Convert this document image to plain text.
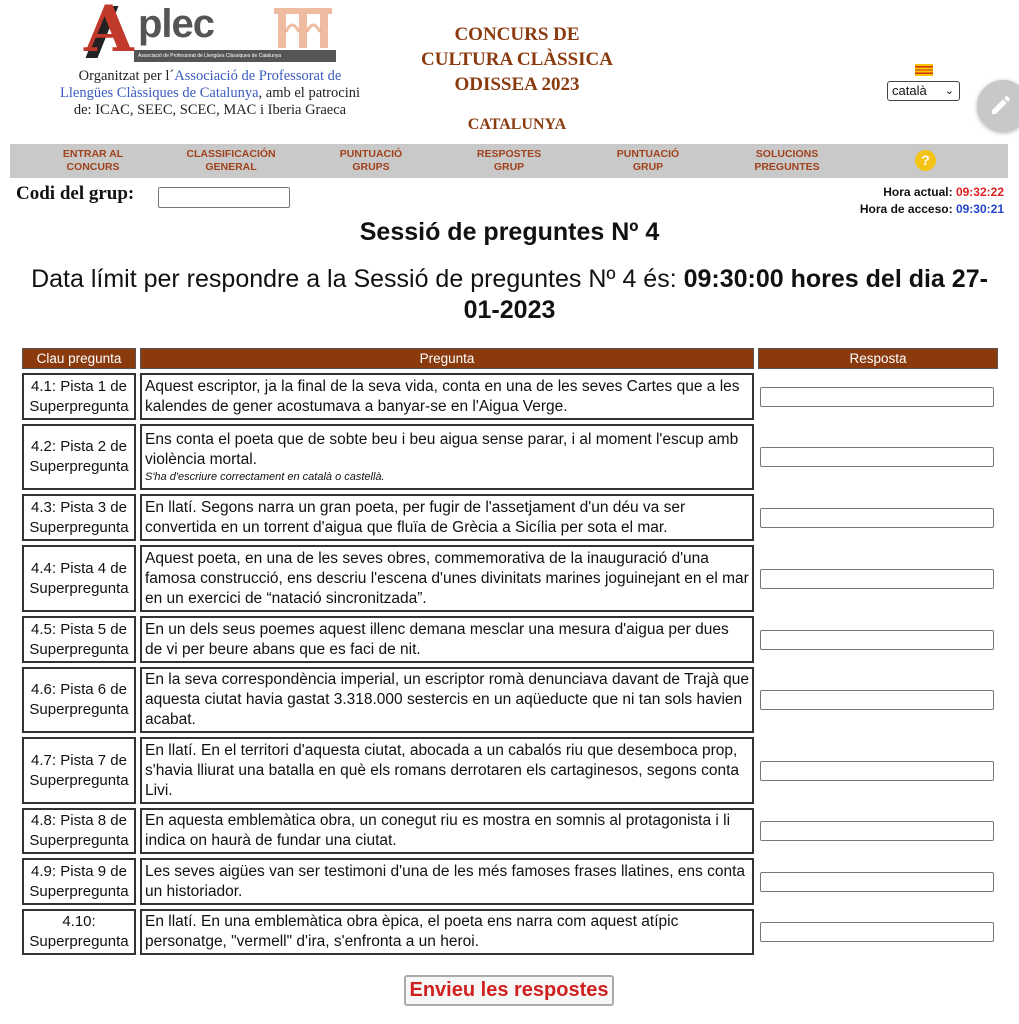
A plec
Associació de Professorat de Llengües Clàssiques de Catalunya
Organitzat per l´Associació de Professorat de Llengües Clàssiques de Catalunya, amb el patrocini de: ICAC, SEEC, SCEC, MAC i Iberia Graeca
CONCURS DE
CULTURA CLÀSSICA
ODISSEA 2023
CATALUNYA
català ⌄
ENTRAR AL
CONCURS
CLASSIFICACIÓN
GENERAL
PUNTUACIÓ
GRUPS
RESPOSTES
GRUP
PUNTUACIÓ
GRUP
SOLUCIONS
PREGUNTES	?
Codi del grup:	Hora actual: 09:32:22
Hora de acceso: 09:30:21
Sessió de preguntes Nº 4
Data límit per respondre a la Sessió de preguntes Nº 4 és: 09:30:00 hores del dia 27-01-2023
Clau pregunta	Pregunta	Resposta
4.1: Pista 1 de Superpregunta	Aquest escriptor, ja la final de la seva vida, conta en una de les seves Cartes que a les kalendes de gener acostumava a banyar-se en l'Aigua Verge.	
4.2: Pista 2 de Superpregunta	Ens conta el poeta que de sobte beu i beu aigua sense parar, i al moment l'escup amb violència mortal.
S'ha d'escriure correctament en català o castellà.

4.3: Pista 3 de Superpregunta	En llatí. Segons narra un gran poeta, per fugir de l'assetjament d'un déu va ser convertida en un torrent d'aigua que fluïa de Grècia a Sicília per sota el mar.	
4.4: Pista 4 de Superpregunta	Aquest poeta, en una de les seves obres, commemorativa de la inauguració d'una famosa construcció, ens descriu l'escena d'unes divinitats marines joguinejant en el mar en un exercici de “natació sincronitzada”.	
4.5: Pista 5 de Superpregunta	En un dels seus poemes aquest illenc demana mesclar una mesura d'aigua per dues de vi per beure abans que es faci de nit.	
4.6: Pista 6 de Superpregunta	En la seva correspondència imperial, un escriptor romà denunciava davant de Trajà que aquesta ciutat havia gastat 3.318.000 sestercis en un aqüeducte que ni tan sols havien acabat.	
4.7: Pista 7 de Superpregunta	En llatí. En el territori d'aquesta ciutat, abocada a un cabalós riu que desemboca prop, s'havia lliurat una batalla en què els romans derrotaren els cartaginesos, segons conta Livi.	
4.8: Pista 8 de Superpregunta	En aquesta emblemàtica obra, un conegut riu es mostra en somnis al protagonista i li indica on haurà de fundar una ciutat.	
4.9: Pista 9 de Superpregunta	Les seves aigües van ser testimoni d'una de les més famoses frases llatines, ens conta un historiador.	
4.10: Superpregunta	En llatí. En una emblemàtica obra èpica, el poeta ens narra com aquest atípic personatge, "vermell" d'ira, s'enfronta a un heroi.	
Envieu les respostes
